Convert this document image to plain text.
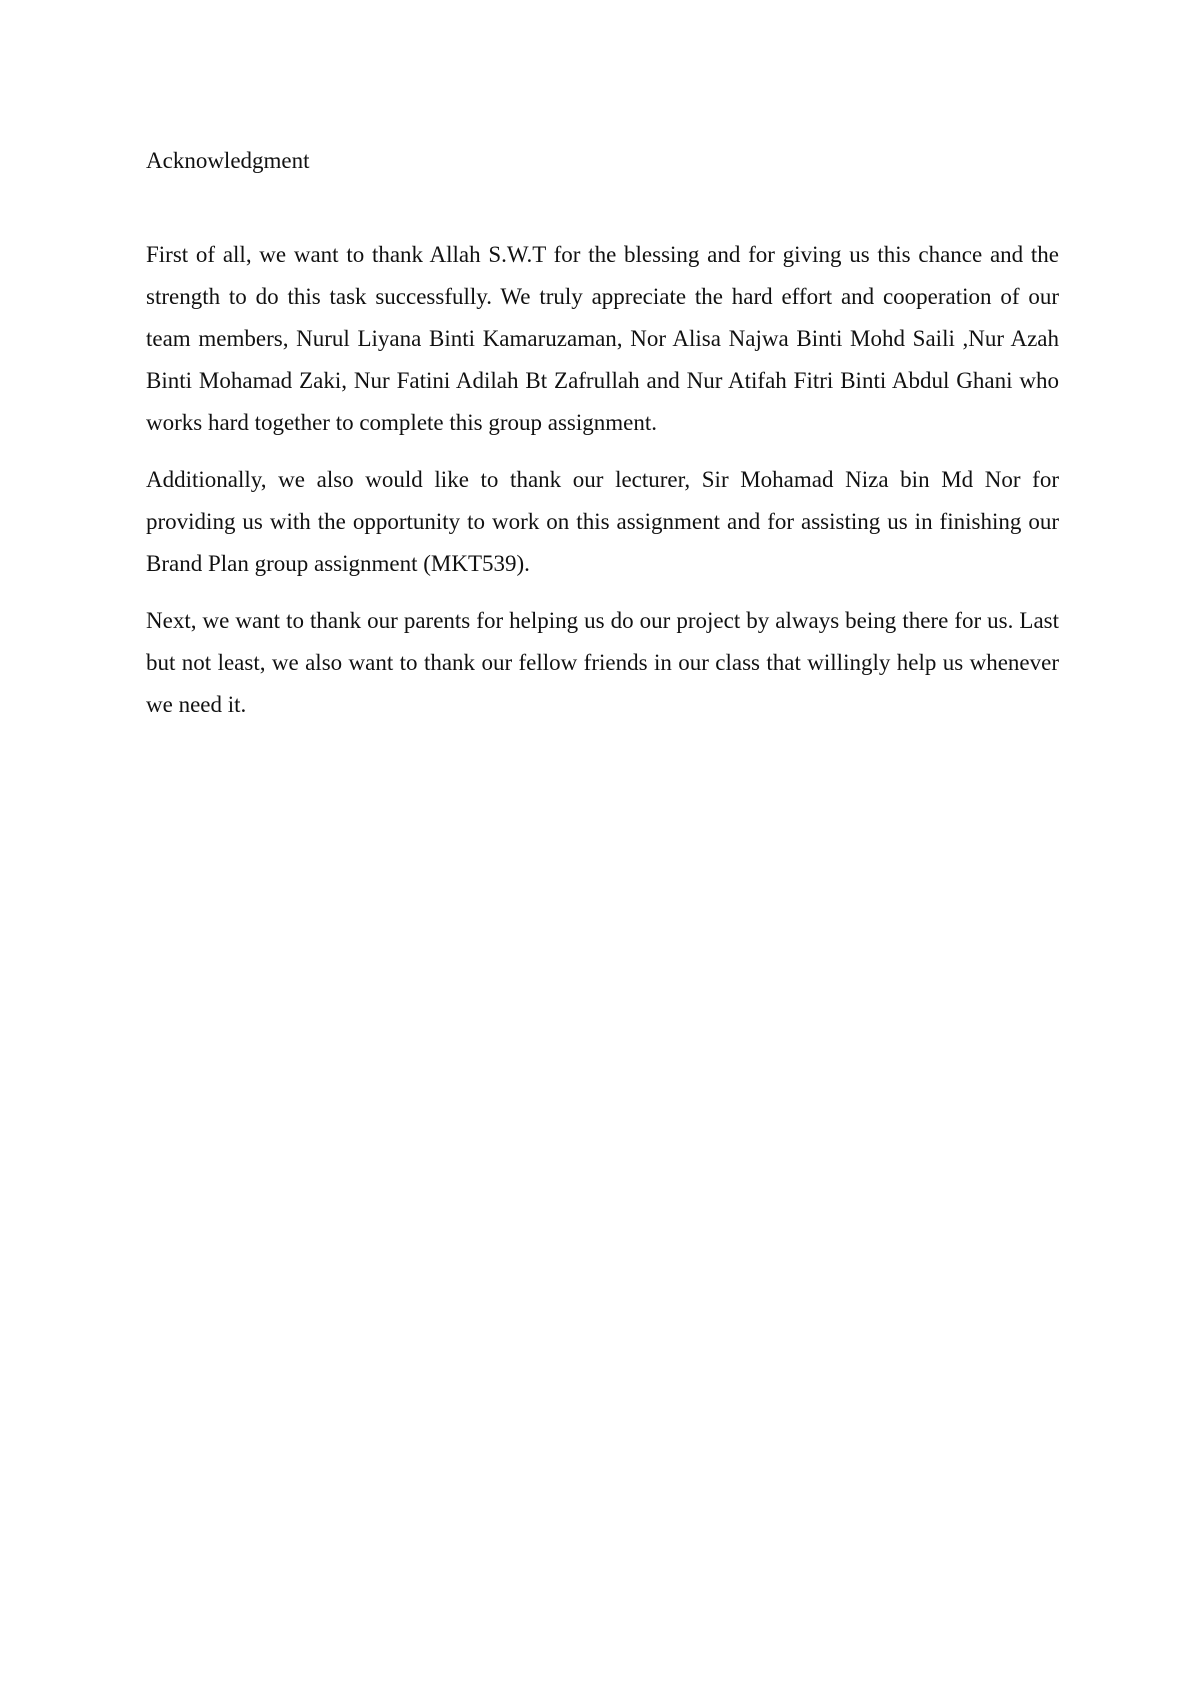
Acknowledgment

First of all, we want to thank Allah S.W.T for the blessing and for giving us this chance and the strength to do this task successfully. We truly appreciate the hard effort and cooperation of our team members, Nurul Liyana Binti Kamaruzaman, Nor Alisa Najwa Binti Mohd Saili ,Nur Azah Binti Mohamad Zaki, Nur Fatini Adilah Bt Zafrullah and Nur Atifah Fitri Binti Abdul Ghani who works hard together to complete this group assignment.

Additionally, we also would like to thank our lecturer, Sir Mohamad Niza bin Md Nor for providing us with the opportunity to work on this assignment and for assisting us in finishing our Brand Plan group assignment (MKT539).

Next, we want to thank our parents for helping us do our project by always being there for us. Last but not least, we also want to thank our fellow friends in our class that willingly help us whenever we need it.
